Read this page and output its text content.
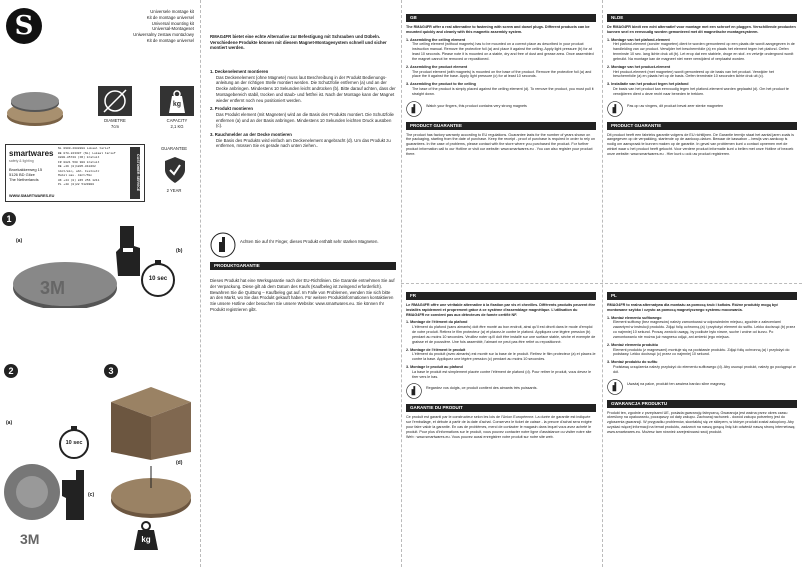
S	Universele montage kit
Kit de montage universel
Universal mounting kit
Universal-Montageset
Uniwersalny zestaw montażowy
Kit de montage universel
DIAMETRE
7cm
kg
CAPACITY
2,1 KG
smartwares
safety & lighting
Broekakkerweg 15
5126 BD Gilze
The Netherlands
WWW.SMARTWARES.EU
NL 0900-2088888 Lokaal tarief
BE 078-223307 (NL) Lokaal tarief
0800-85720 (FR) Gratuit
FR 0821 560 900 Gratuit
DE +49 (0)1805-010462
14ct/min, abh. Festnetz
Mobil max. 42ct/Min
UK +44 (0) 845 256 1211
PL +48 (0)22 5129900	CUSTOMER SERVICE
GUARANTEE
2 YEAR
1
(a)
(b)
3M	10 sec
2
(a)
(c)
3M
10 sec
3
(d)
kg
RMAG4FR bietet eine echte Alternative zur Befestigung mit Schrauben und Dübeln. Verschiedene Produkte können mit diesem Magnet-Montagesystem schnell und sicher montiert werden.
1. Deckenelement montieren
Das Deckenelement (ohne Magnete) muss laut Beschreibung in der Produkt Bedienungs-anleitung an der richtigen Stelle montiert werden. Die Schutzfolie entfernen (a) und an der Decke anbringen. Mindestens 10 Sekunden leicht andrücken (b). Bitte darauf achten, dass der Montagebereich stabil, trocken und staub- und fettfrei ist. Nach der Montage kann der Magnet wieder entfernt noch neu positioniert werden.
2. Produkt montieren
Das Produkt element (mit Magneten) wird an die Basis des Produkts montiert. Die Schutzfolie entfernen (a) und an der Basis anbringen. Mindestens 10 Sekunden leichten Druck ausüben (c).
3. Rauchmelder an der Decke montieren
Die Basis des Produkts wird einfach am Deckenelement angebracht (d). Um das Produkt zu entfernen, müssen Sie es gerade nach unten ziehen..
Achten Sie auf Ihr Finger, dieses Produkt enthält sehr starken Magneten.
PRODUKTGARANTIE
Dieses Produkt hat eine Werksgarantie nach der EU-Richtlinien. Die Garantie entnehmen Sie auf der Verpackung. Diese gilt ab dem Datum des Kaufs (Kaufbeleg ist zwingend erforderlich). Bewahren Sie die Quittung – Kaufbeleg gut auf. Im Falle von Problemen, wenden Sie sich bitte an den Markt, wo Sie das Produkt gekauft haben. Für weitere Produktinformationen kontaktieren Sie unsere Hotline oder besuchen Sie unsere Website: www.smartwares.eu. Sie können Ihr Produkt registrieren gibt.
GB
The RMAG4FR offer a real alternative to fastening with screw and dowel plugs. Different products can be mounted quickly and cleanly with this magnetic assembly system.
1. Assembling the ceiling element
The ceiling element (without magnets) has to be mounted on a correct place as described in your product instruction manual. Remove the protective foil (a) and place it against the ceiling. Apply light pressure (b) for at least 10 seconds. Please note it is mounted on a stable, dry and free of dust and grease area. Once assembled the magnet cannot be removed or repositioned.
2. Assembling the product element
The product element (with magnets) is mounted on the base of the product. Remove the protective foil (a) and place the it against the base. Apply light pressure (c) for at least 10 seconds.
3. Assembling the product to the ceiling
The base of the product is simply placed against the ceiling element (d). To remove the product, you must pull it straight down.
Watch your fingers, this product contains very strong magnets
PRODUCT GUARANTEE
The product has factory warranty according to EU regulations. Guarantee lasts for the number of years shown on the packaging, starting from the date of purchase. Keep the receipt - proof of purchase is required in order to rely on guarantees. In the case of problems, please contact with the store where you purchased the product. For further product information call to our Hotline or visit our website: www.smartwares.eu . You can also register your product there.
NLDE
De RMAG4FR biedt een echt alternatief voor montage met een schroef en pluggen. Verschillende producten kunnen snel en eenvoudig worden gemonteerd met dit magnetische montagesysteem.
1. Montage van het plafond-element
Het plafond-element (zonder magneten) dient te worden gemonteerd op een plaats die wordt aangegeven in de handleiding van uw product. Verwijder het beschermfolie (a) en plaats het element tegen het plafond. Oefen tenminste 10 sec. lang lichte druk uit (b). Let erop dat een stabiele, droge en stof- en vetvrije ondergrond wordt gebruikt. Na montage kan de magneet niet meer verwijderd of verplaatst worden.
2. Montage van het product-element
Het product-element (met magneten) wordt gemonteerd op de basis van het product. Verwijder het beschermfolie (a) en plaats het op de basis. Oefen tenminste 10 seconden lichte druk uit (c).
3. Installatie van het product tegen het plafond
De basis van het product kan eenvoudig tegen het plafond-element worden geplaatst (d). Om het product te verwijderen dient u deze recht naar beneden te trekken.
Pas op uw vingers, dit product bevat zeer sterke magneten
PRODUCT GUARANTIE
Dit product heeft een fabrieks garantie volgens de EU richtlijnen. De Garantie termijn staat het aantal jaren zoals is aangegeven op de verpakking, startende op de aankoop-datum. Bewaar de kassabon – bewijs van aankoop is nodig om aanspraak te kunnen maken op de garantie. In geval van problemen kunt u contact opnemen met de winkel waar u het product heeft gekocht. Voor verdere product informatie kunt u bellen met onze Hotline of bezoek onze website: www.smartwares.eu . Hier kunt u ook uw product registreren.
FR
Le RMAG4FR offre une véritable alternative à la fixation par vis et chevilles. Différents produits peuvent être installés rapidement et proprement grâce à ce système d'assemblage magnétique. L'utilisation du RMAG4FR ne convient pas aux détecteurs de fumée certifié NF.
1. Montage de l'élément du plafond
L'élément du plafond (sans aimants) doit être monté au bon endroit, ainsi qu'il est décrit dans le mode d'emploi de votre produit. Retirez le film protecteur (a) et placez-le contre le plafond. Appliquez une légère pression (b) pendant au moins 10 secondes. Veuillez noter qu'il doit être installé sur une surface stable, sèche et exempte de graisse et de poussière. Une fois assemblé, l'aimant ne peut pas être retiré ou repositionné.
2. Montage de l'élément le produit
L'élément du produit (avec aimants) est monté sur la base de le produit. Retirez le film protecteur (a) et placez-le contre la base. Appliquez une légère pression (c) pendant au moins 10 secondes.
3. Montage le produit au plafond
La base le produit est simplement placée contre l'élément de plafond (d). Pour retirer le produit, vous devez le tirer vers le bas.
Regardez vos doigts, ce produit contient des aimants très puissants.
GARANTIE DU PRODUIT
Ce produit est garanti par le constructeur selon les lois de l'Union Européenne. La durée de garantie est indiquée sur l'emballage, et débute à partir de la date d'achat. Conservez le ticket de caisse - la preuve d'achat sera exigée pour faire valoir la garantie. En cas de problèmes, merci de contacter le magasin dans lequel vous avez acheté le produit. Pour plus d'informations sur le produit, vous pouvez contacter notre ligne d'assistance ou visiter notre site Web : www.smartwares.eu. Vous pouvez aussi enregistrer votre produit sur notre site web.
PL
RMAG4FR to realna alternatywa dla montażu za pomocą śrub i kołków. Różne produkty mogą być montowane szybko i czysto za pomocą magnetycznego systemu mocowania.
1. Montaż elementu sufitowego
Element sufitowy (bez magnesów) należy zamontować w odpowiednim miejscu, zgodnie z zaleceniami zawartymi w instrukcji produktu. Zdjąć folię ochronną (a) i przyłożyć element do sufitu. Lekko docisnąć (b) przez co najmniej 10 sekund. Proszę zwrócić uwagę, by podłoże było równe, suche i wolne od kurzu. Po zamontowaniu nie można już magnesu odjąć, ani zmienić jego miejsca.
2. Montaż elementu produktu
Element produktu (z magnesami) montuje się na podstawie produktu. Zdjąć folię ochronną (a) i przyłożyć do podstawy. Lekko docisnąć (c) przez co najmniej 10 sekund.
3. Montaż produktu do sufitu
Podstawę urządzenia należy przyłożyć do elementu sufitowego (d). Aby usunąć produkt, należy go pociągnąć w dół.
Uważaj na palce, produkt ten zawiera bardzo silne magnesy.
GWARANCJA PRODUKTU
Produkt ten, zgodnie z przepisami UE, posiada gwarancję fabryczną. Gwarancja jest ważna przez okres czasu określony na opakowaniu, począwszy od daty zakupu. Zachowaj rachunek - dowód zakupu potrzebny jest do zgłoszenia gwarancji. W przypadku problemów, skontaktuj się ze sklepem, w którym produkt został zakupiony. Aby uzyskać więcej informacji na temat produktu, zadzwoń na naszą gorącą linię lub odwiedź naszą stronę internetową: www.smartwares.eu. Możesz tam również zarejestrować swój produkt.
